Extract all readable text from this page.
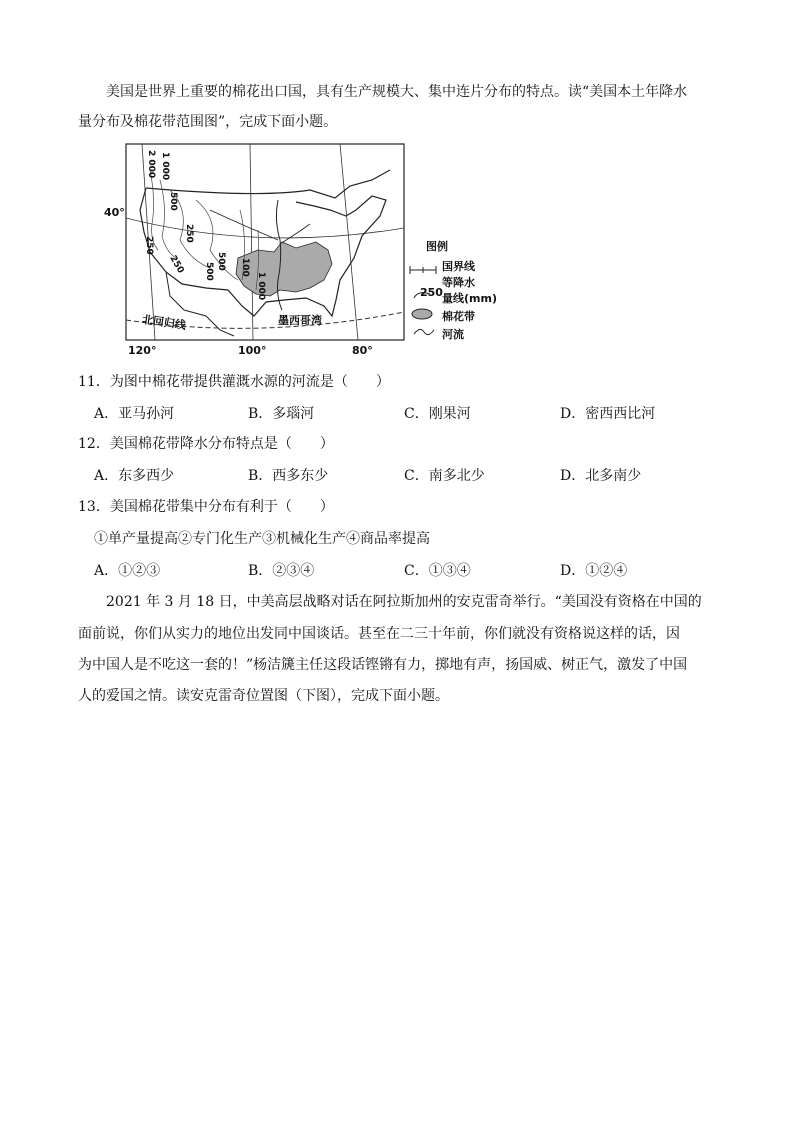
美国是世界上重要的棉花出口国，具有生产规模大、集中连片分布的特点。读“美国本土年降水
量分布及棉花带范围图”，完成下面小题。
40°
120°	100°	80°
北回归线	墨西哥湾
2 000 1 000
500
250
500
250
100
500
1 000
250
图例
国界线
等降水
250 量线(mm)
棉花带
河流
11．为图中棉花带提供灌溉水源的河流是（　　）
A．亚马孙河	B．多瑙河	C．刚果河	D．密西西比河
12．美国棉花带降水分布特点是（　　）
A．东多西少	B．西多东少	C．南多北少	D．北多南少
13．美国棉花带集中分布有利于（　　）
①单产量提高②专门化生产③机械化生产④商品率提高
A．①②③	B．②③④	C．①③④	D．①②④
2021 年 3 月 18 日，中美高层战略对话在阿拉斯加州的安克雷奇举行。“美国没有资格在中国的
面前说，你们从实力的地位出发同中国谈话。甚至在二三十年前，你们就没有资格说这样的话，因
为中国人是不吃这一套的！”杨洁篪主任这段话铿锵有力，掷地有声，扬国威、树正气，激发了中国
人的爱国之情。读安克雷奇位置图（下图），完成下面小题。
